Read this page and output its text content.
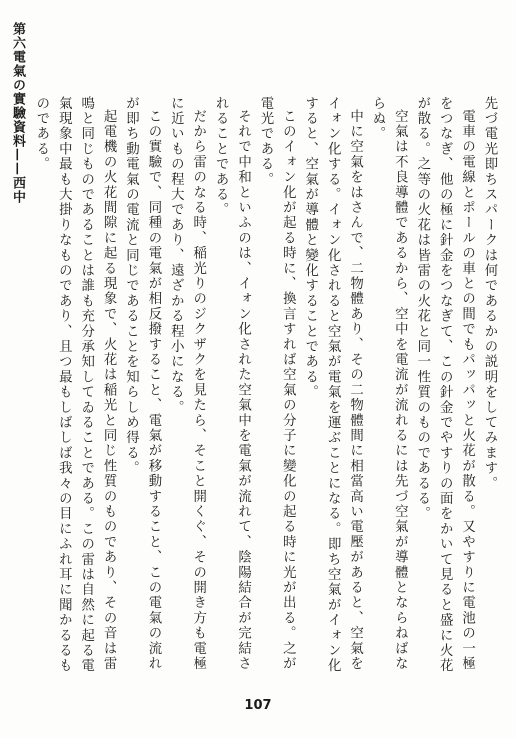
第六電氣の實驗資料——西中	先づ電光即ちスパークは何であるかの説明をしてみます。

電車の電線とポールの車との間でもパッパッと火花が散る。又やすりに電池の一極をつなぎ、他の極に針金をつなぎて、この針金でやすりの面をかいて見ると盛に火花が散る。之等の火花は皆雷の火花と同一性質のものであるる。

空氣は不良導體であるから、空中を電流が流れるには先づ空氣が導體とならねばならぬ。

中に空氣をはさんで、二物體あり、その二物體間に相當高い電壓があると、空氣をイォン化する。イォン化されると空氣が電氣を運ぶことになる。即ち空氣がイォン化すると、空氣が導體と變化することである。

このイォン化が起る時に、換言すれば空氣の分子に變化の起る時に光が出る。之が電光である。

それで中和といふのは、イォン化された空氣中を電氣が流れて、陰陽結合が完結されることである。

だから雷のなる時、稲光りのジクザクを見たら、そこと開くぐ、その開き方も電極に近いもの程大であり、遠ざかる程小になる。

この實驗で、同種の電氣が相反撥すること、電氣が移動すること、この電氣の流れが即ち動電氣の電流と同じであることを知らしめ得る。

起電機の火花間隙に起る現象で、火花は稲光と同じ性質のものであり、その音は雷鳴と同じものであることは誰も充分承知してゐることである。この雷は自然に起る電氣現象中最も大掛りなものであり、且つ最もしばしば我々の目にふれ耳に聞かるるものである。

107
